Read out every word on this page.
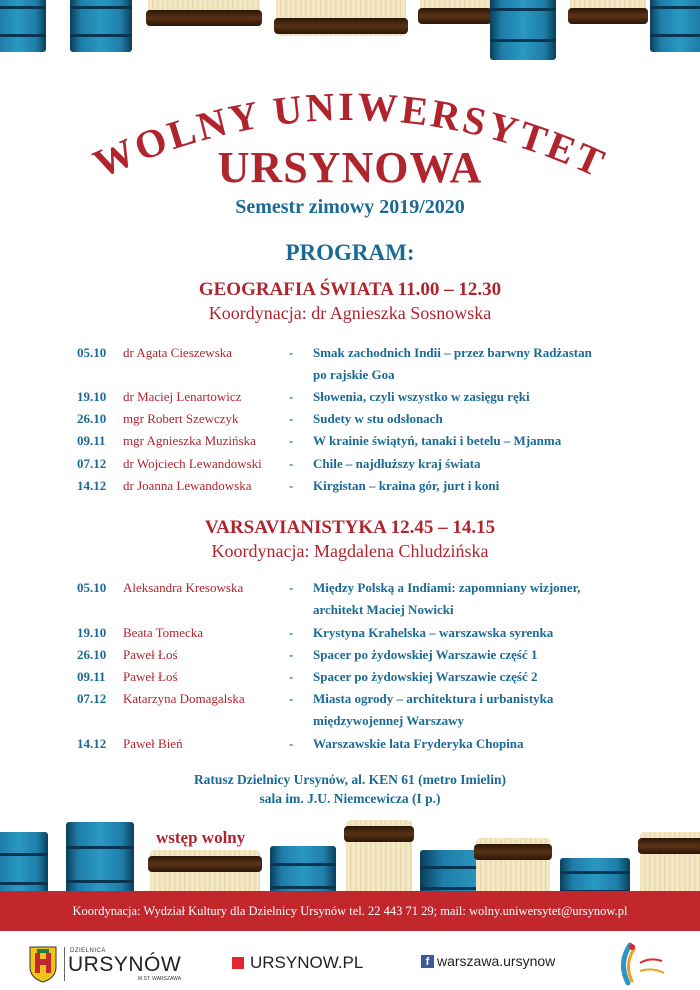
WOLNY UNIWERSYTET
URSYNOWA
Semestr zimowy 2019/2020
PROGRAM:
GEOGRAFIA ŚWIATA 11.00 – 12.30
Koordynacja: dr Agnieszka Sosnowska
05.10 dr Agata Cieszewska	- Smak zachodnich Indii – przez barwny Radżastan
po rajskie Goa
19.10 dr Maciej Lenartowicz	- Słowenia, czyli wszystko w zasięgu ręki
26.10 mgr Robert Szewczyk	- Sudety w stu odsłonach
09.11 mgr Agnieszka Muzińska	- W krainie świątyń, tanaki i betelu – Mjanma
07.12 dr Wojciech Lewandowski - Chile – najdłuższy kraj świata
14.12 dr Joanna Lewandowska	- Kirgistan – kraina gór, jurt i koni
VARSAVIANISTYKA 12.45 – 14.15
Koordynacja: Magdalena Chludzińska
05.10 Aleksandra Kresowska	- Między Polską a Indiami: zapomniany wizjoner,
architekt Maciej Nowicki
19.10 Beata Tomecka	- Krystyna Krahelska – warszawska syrenka
26.10 Paweł Łoś	- Spacer po żydowskiej Warszawie część 1
09.11 Paweł Łoś	- Spacer po żydowskiej Warszawie część 2
07.12 Katarzyna Domagalska	- Miasta ogrody – architektura i urbanistyka
międzywojennej Warszawy
14.12 Paweł Bień	- Warszawskie lata Fryderyka Chopina
Ratusz Dzielnicy Ursynów, al. KEN 61 (metro Imielin)
sala im. J.U. Niemcewicza (I p.)
wstęp wolny
Koordynacja: Wydział Kultury dla Dzielnicy Ursynów tel. 22 443 71 29; mail: wolny.uniwersytet@ursynow.pl
DZIELNICA
URSYNÓW
M.ST. WARSZAWA
URSYNOW.PL	f warszawa.ursynow
